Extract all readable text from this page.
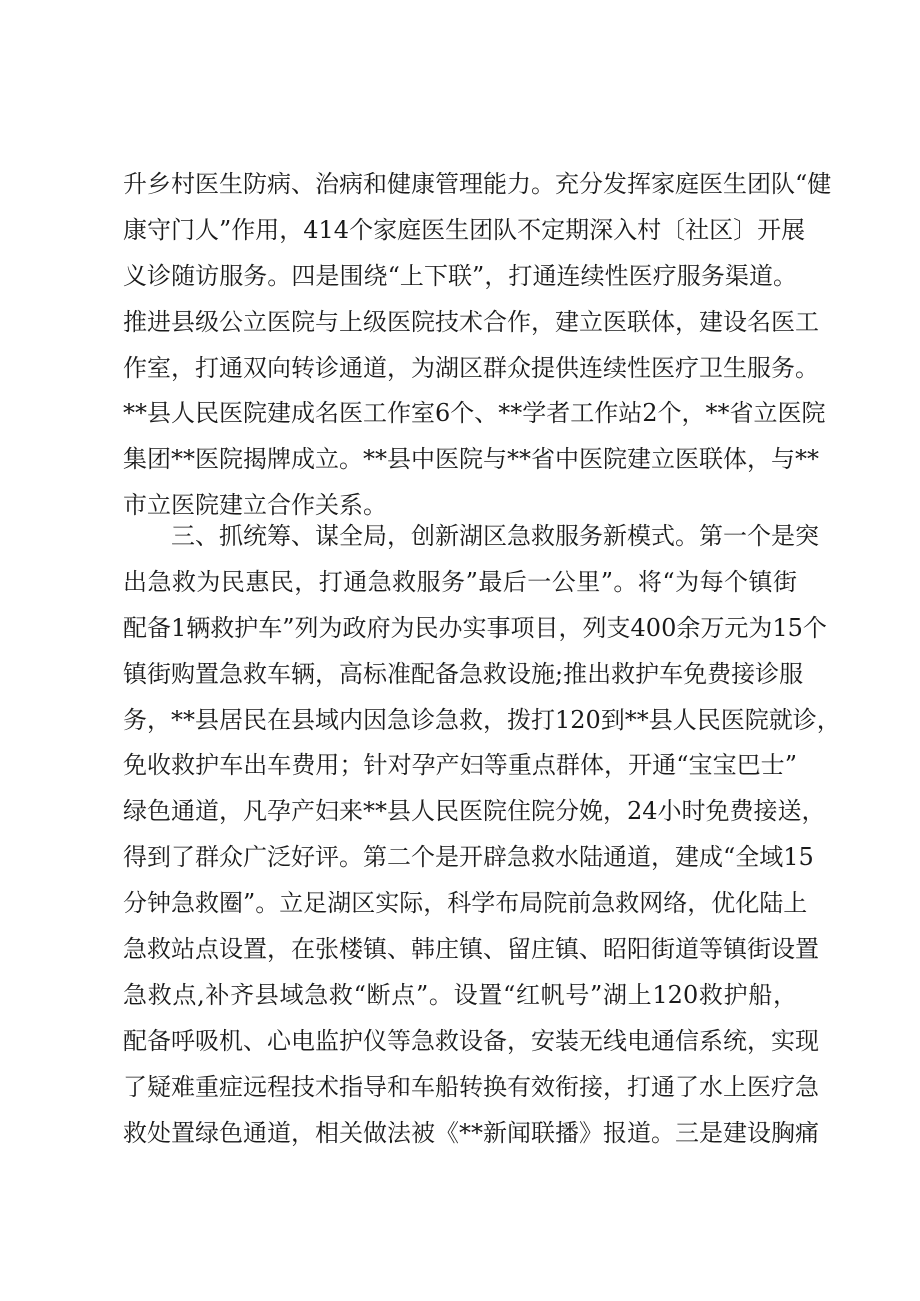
升乡村医生防病、治病和健康管理能力。充分发挥家庭医生团队“健
康守门人”作用，414个家庭医生团队不定期深入村〔社区〕开展
义诊随访服务。四是围绕“上下联”，打通连续性医疗服务渠道。
推进县级公立医院与上级医院技术合作，建立医联体，建设名医工
作室，打通双向转诊通道，为湖区群众提供连续性医疗卫生服务。
**县人民医院建成名医工作室6个、**学者工作站2个，**省立医院
集团**医院揭牌成立。**县中医院与**省中医院建立医联体，与**
市立医院建立合作关系。
三、抓统筹、谋全局，创新湖区急救服务新模式。第一个是突
出急救为民惠民，打通急救服务”最后一公里”。将“为每个镇街
配备1辆救护车”列为政府为民办实事项目，列支400余万元为15个
镇街购置急救车辆，高标准配备急救设施;推出救护车免费接诊服
务，**县居民在县域内因急诊急救，拨打120到**县人民医院就诊，
免收救护车出车费用；针对孕产妇等重点群体，开通“宝宝巴士”
绿色通道，凡孕产妇来**县人民医院住院分娩，24小时免费接送，
得到了群众广泛好评。第二个是开辟急救水陆通道，建成“全域15
分钟急救圈”。立足湖区实际，科学布局院前急救网络，优化陆上
急救站点设置，在张楼镇、韩庄镇、留庄镇、昭阳街道等镇街设置
急救点,补齐县域急救“断点”。设置“红帆号”湖上120救护船，
配备呼吸机、心电监护仪等急救设备，安装无线电通信系统，实现
了疑难重症远程技术指导和车船转换有效衔接，打通了水上医疗急
救处置绿色通道，相关做法被《**新闻联播》报道。三是建设胸痛
